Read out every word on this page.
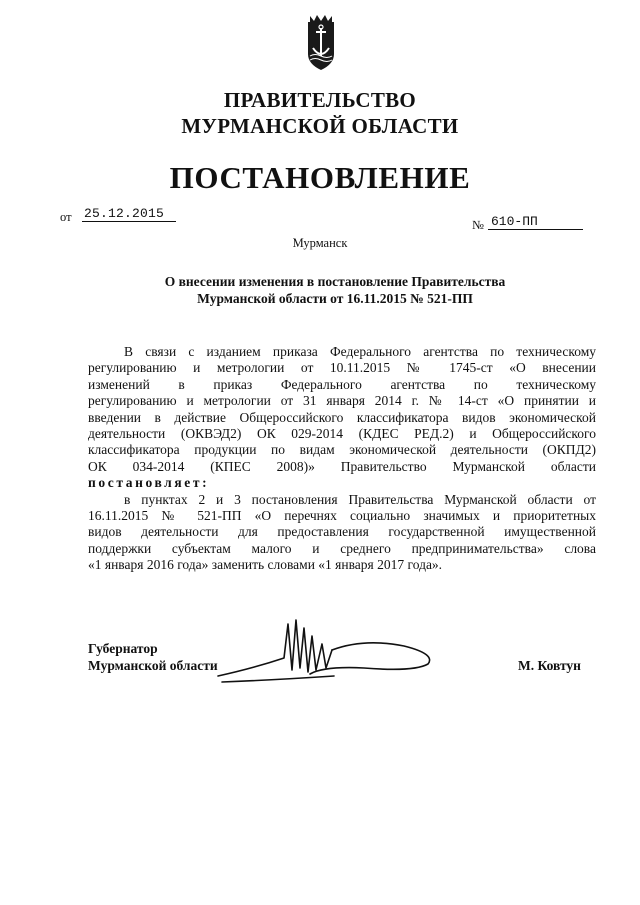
ПРАВИТЕЛЬСТВО
МУРМАНСКОЙ ОБЛАСТИ
ПОСТАНОВЛЕНИЕ
от 25.12.2015
№ 610-ПП
Мурманск
О внесении изменения в постановление Правительства
Мурманской области от 16.11.2015 № 521-ПП

В связи с изданием приказа Федерального агентства по техническому

регулированию и метрологии от 10.11.2015 № 1745-ст «О внесении

изменений в приказ Федерального агентства по техническому

регулированию и метрологии от 31 января 2014 г. № 14-ст «О принятии и

введении в действие Общероссийского классификатора видов экономической

деятельности (ОКВЭД2) ОК 029-2014 (КДЕС РЕД.2) и Общероссийского

классификатора продукции по видам экономической деятельности (ОКПД2)

ОК 034-2014 (КПЕС 2008)» Правительство Мурманской области

постановляет:

в пунктах 2 и 3 постановления Правительства Мурманской области от

16.11.2015 № 521-ПП «О перечнях социально значимых и приоритетных

видов деятельности для предоставления государственной имущественной

поддержки субъектам малого и среднего предпринимательства» слова

«1 января 2016 года» заменить словами «1 января 2017 года».

Губернатор
Мурманской области	М. Ковтун
